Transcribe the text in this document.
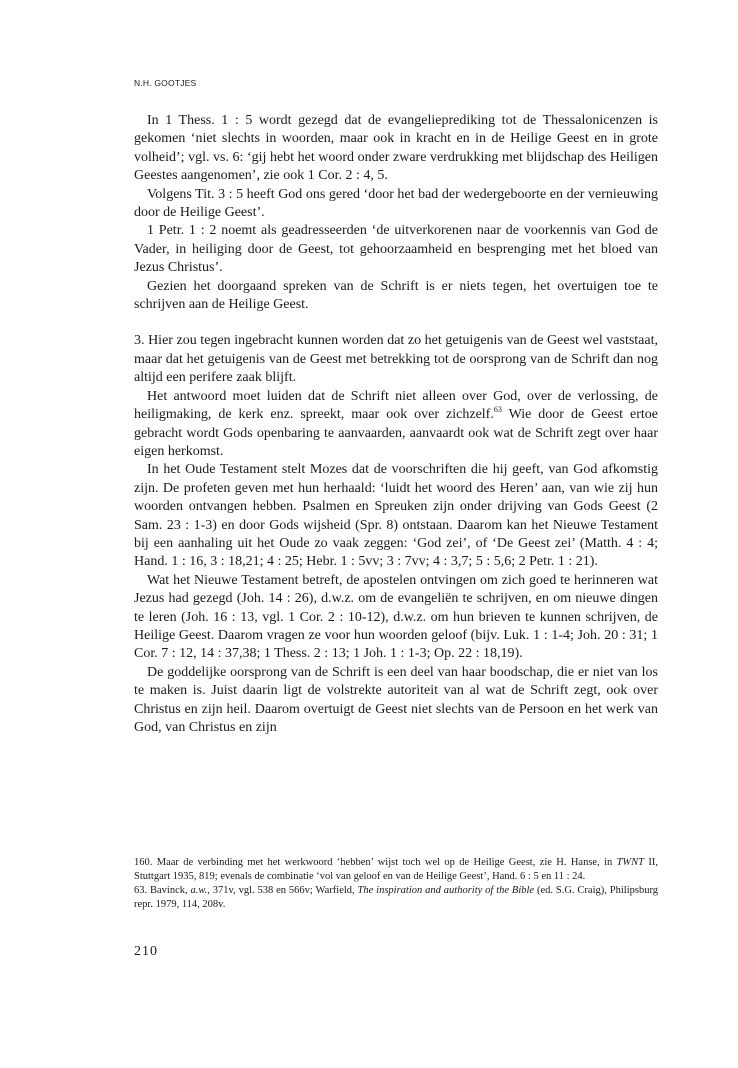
N.H. GOOTJES

In 1 Thess. 1 : 5 wordt gezegd dat de evangelieprediking tot de Thessalonicenzen is gekomen ‘niet slechts in woorden, maar ook in kracht en in de Heilige Geest en in grote volheid’; vgl. vs. 6: ‘gij hebt het woord onder zware verdrukking met blijdschap des Heiligen Geestes aangenomen’, zie ook 1 Cor. 2 : 4, 5.

Volgens Tit. 3 : 5 heeft God ons gered ‘door het bad der wedergeboorte en der vernieuwing door de Heilige Geest’.

1 Petr. 1 : 2 noemt als geadresseerden ‘de uitverkorenen naar de voorkennis van God de Vader, in heiliging door de Geest, tot gehoorzaamheid en besprenging met het bloed van Jezus Christus’.

Gezien het doorgaand spreken van de Schrift is er niets tegen, het overtuigen toe te schrijven aan de Heilige Geest.

3. Hier zou tegen ingebracht kunnen worden dat zo het getuigenis van de Geest wel vaststaat, maar dat het getuigenis van de Geest met betrekking tot de oorsprong van de Schrift dan nog altijd een perifere zaak blijft.

Het antwoord moet luiden dat de Schrift niet alleen over God, over de verlossing, de heiligmaking, de kerk enz. spreekt, maar ook over zichzelf.$^{63}$ Wie door de Geest ertoe gebracht wordt Gods openbaring te aanvaarden, aanvaardt ook wat de Schrift zegt over haar eigen herkomst.

In het Oude Testament stelt Mozes dat de voorschriften die hij geeft, van God afkomstig zijn. De profeten geven met hun herhaald: ‘luidt het woord des Heren’ aan, van wie zij hun woorden ontvangen hebben. Psalmen en Spreuken zijn onder drijving van Gods Geest (2 Sam. 23 : 1-3) en door Gods wijsheid (Spr. 8) ontstaan. Daarom kan het Nieuwe Testament bij een aanhaling uit het Oude zo vaak zeggen: ‘God zei’, of ‘De Geest zei’ (Matth. 4 : 4; Hand. 1 : 16, 3 : 18,21; 4 : 25; Hebr. 1 : 5vv; 3 : 7vv; 4 : 3,7; 5 : 5,6; 2 Petr. 1 : 21).

Wat het Nieuwe Testament betreft, de apostelen ontvingen om zich goed te herinneren wat Jezus had gezegd (Joh. 14 : 26), d.w.z. om de evangeliën te schrijven, en om nieuwe dingen te leren (Joh. 16 : 13, vgl. 1 Cor. 2 : 10-12), d.w.z. om hun brieven te kunnen schrijven, de Heilige Geest. Daarom vragen ze voor hun woorden geloof (bijv. Luk. 1 : 1-4; Joh. 20 : 31; 1 Cor. 7 : 12, 14 : 37,38; 1 Thess. 2 : 13; 1 Joh. 1 : 1-3; Op. 22 : 18,19).

De goddelijke oorsprong van de Schrift is een deel van haar boodschap, die er niet van los te maken is. Juist daarin ligt de volstrekte autoriteit van al wat de Schrift zegt, ook over Christus en zijn heil. Daarom overtuigt de Geest niet slechts van de Persoon en het werk van God, van Christus en zijn

160. Maar de verbinding met het werkwoord ‘hebben’ wijst toch wel op de Heilige Geest, zie H. Hanse, in TWNT II, Stuttgart 1935, 819; evenals de combinatie ‘vol van geloof en van de Heilige Geest’, Hand. 6 : 5 en 11 : 24.

63. Bavinck, a.w., 371v, vgl. 538 en 566v; Warfield, The inspiration and authority of the Bible (ed. S.G. Craig), Philipsburg repr. 1979, 114, 208v.

210
